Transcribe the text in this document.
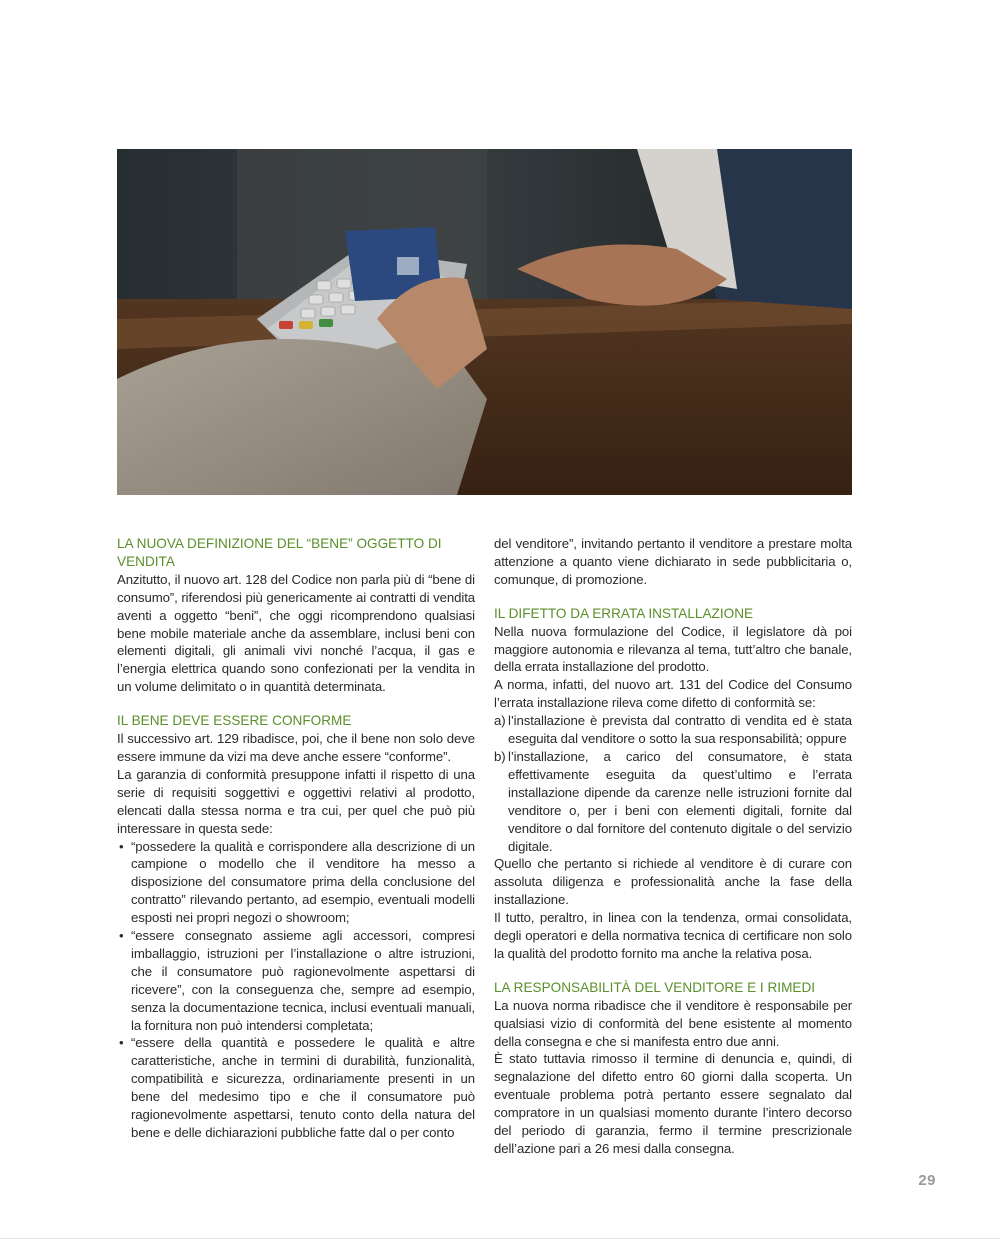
LA NUOVA DEFINIZIONE DEL “BENE” OGGETTO DI VENDITA

Anzitutto, il nuovo art. 128 del Codice non parla più di “bene di consumo”, riferendosi più genericamente ai contratti di vendita aventi a oggetto “beni”, che oggi ricomprendono qualsiasi bene mobile materiale anche da assemblare, inclusi beni con elementi digitali, gli animali vivi nonché l’acqua, il gas e l’energia elettrica quando sono confezionati per la vendita in un volume delimitato o in quantità determinata.

IL BENE DEVE ESSERE CONFORME

Il successivo art. 129 ribadisce, poi, che il bene non solo deve essere immune da vizi ma deve anche essere “conforme”.

La garanzia di conformità presuppone infatti il rispetto di una serie di requisiti soggettivi e oggettivi relativi al prodotto, elencati dalla stessa norma e tra cui, per quel che può più interessare in questa sede:

• “possedere la qualità e corrispondere alla descrizione di un campione o modello che il venditore ha messo a disposizione del consumatore prima della conclusione del contratto” rilevando pertanto, ad esempio, eventuali modelli esposti nei propri negozi o showroom;
• “essere consegnato assieme agli accessori, compresi imballaggio, istruzioni per l’installazione o altre istruzioni, che il consumatore può ragionevolmente aspettarsi di ricevere”, con la conseguenza che, sempre ad esempio, senza la documentazione tecnica, inclusi eventuali manuali, la fornitura non può intendersi completata;
• “essere della quantità e possedere le qualità e altre caratteristiche, anche in termini di durabilità, funzionalità, compatibilità e sicurezza, ordinariamente presenti in un bene del medesimo tipo e che il consumatore può ragionevolmente aspettarsi, tenuto conto della natura del bene e delle dichiarazioni pubbliche fatte dal o per conto

del venditore”, invitando pertanto il venditore a prestare molta attenzione a quanto viene dichiarato in sede pubblicitaria o, comunque, di promozione.

IL DIFETTO DA ERRATA INSTALLAZIONE

Nella nuova formulazione del Codice, il legislatore dà poi maggiore autonomia e rilevanza al tema, tutt’altro che banale, della errata installazione del prodotto.

A norma, infatti, del nuovo art. 131 del Codice del Consumo l’errata installazione rileva come difetto di conformità se:

a) l’installazione è prevista dal contratto di vendita ed è stata eseguita dal venditore o sotto la sua responsabilità; oppure
b) l’installazione, a carico del consumatore, è stata effettivamente eseguita da quest’ultimo e l’errata installazione dipende da carenze nelle istruzioni fornite dal venditore o, per i beni con elementi digitali, fornite dal venditore o dal fornitore del contenuto digitale o del servizio digitale.

Quello che pertanto si richiede al venditore è di curare con assoluta diligenza e professionalità anche la fase della installazione.

Il tutto, peraltro, in linea con la tendenza, ormai consolidata, degli operatori e della normativa tecnica di certificare non solo la qualità del prodotto fornito ma anche la relativa posa.

LA RESPONSABILITÀ DEL VENDITORE E I RIMEDI

La nuova norma ribadisce che il venditore è responsabile per qualsiasi vizio di conformità del bene esistente al momento della consegna e che si manifesta entro due anni.

È stato tuttavia rimosso il termine di denuncia e, quindi, di segnalazione del difetto entro 60 giorni dalla scoperta. Un eventuale problema potrà pertanto essere segnalato dal compratore in un qualsiasi momento durante l’intero decorso del periodo di garanzia, fermo il termine prescrizionale dell’azione pari a 26 mesi dalla consegna.

29
